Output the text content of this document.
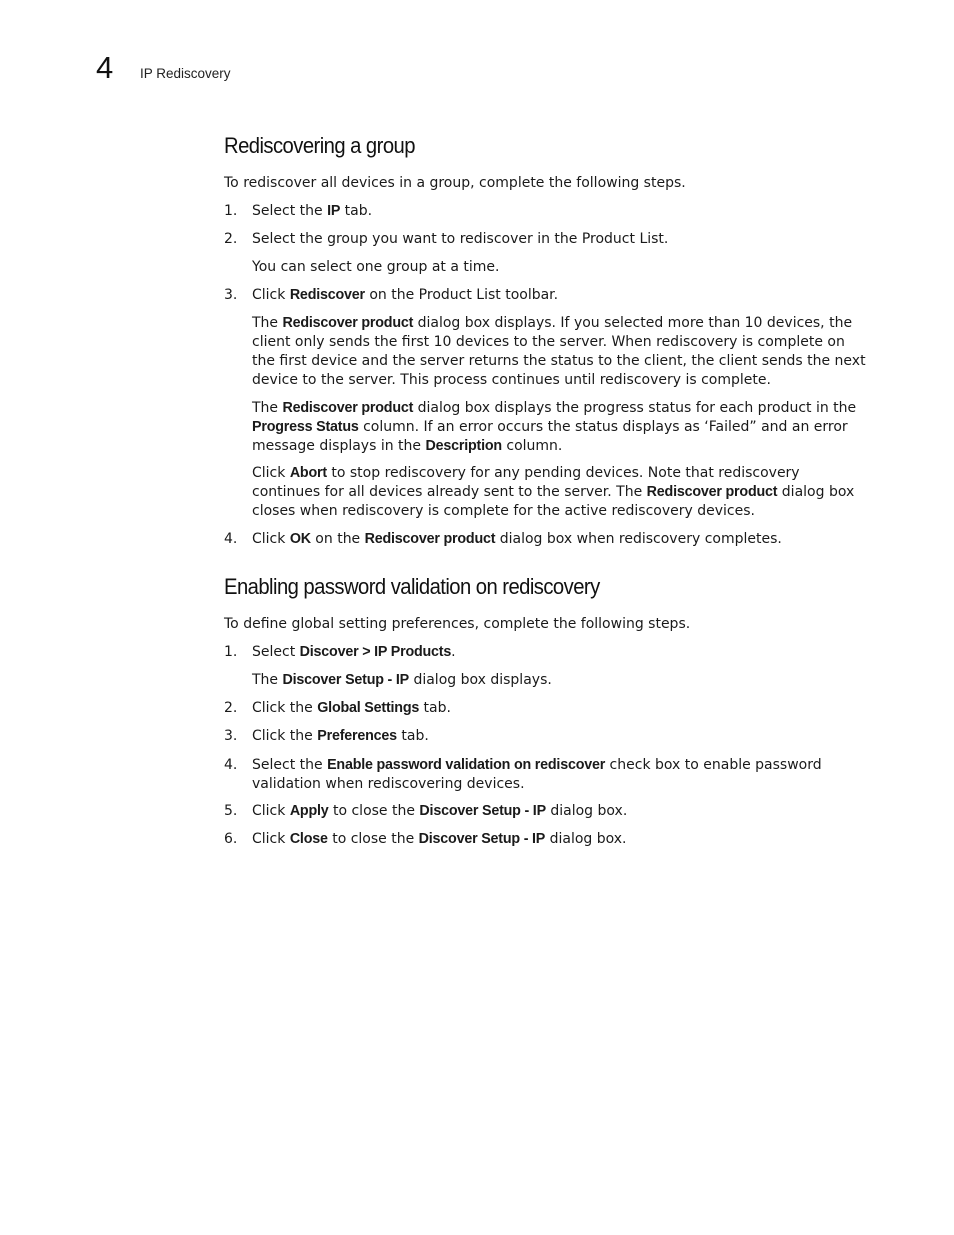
4 IP Rediscovery
Rediscovering a group

To rediscover all devices in a group, complete the following steps.

1.	Select the IP tab.
2.	Select the group you want to rediscover in the Product List.

You can select one group at a time.

3.	Click Rediscover on the Product List toolbar.

The Rediscover product dialog box displays. If you selected more than 10 devices, the client only sends the first 10 devices to the server. When rediscovery is complete on the first device and the server returns the status to the client, the client sends the next device to the server. This process continues until rediscovery is complete.

The Rediscover product dialog box displays the progress status for each product in the Progress Status column. If an error occurs the status displays as ‘Failed” and an error message displays in the Description column.

Click Abort to stop rediscovery for any pending devices. Note that rediscovery continues for all devices already sent to the server. The Rediscover product dialog box closes when rediscovery is complete for the active rediscovery devices.

4.	Click OK on the Rediscover product dialog box when rediscovery completes.
Enabling password validation on rediscovery

To define global setting preferences, complete the following steps.

1.	Select Discover > IP Products.

The Discover Setup - IP dialog box displays.

2.	Click the Global Settings tab.
3.	Click the Preferences tab.
4.	Select the Enable password validation on rediscover check box to enable password validation when rediscovering devices.
5.	Click Apply to close the Discover Setup - IP dialog box.
6.	Click Close to close the Discover Setup - IP dialog box.
